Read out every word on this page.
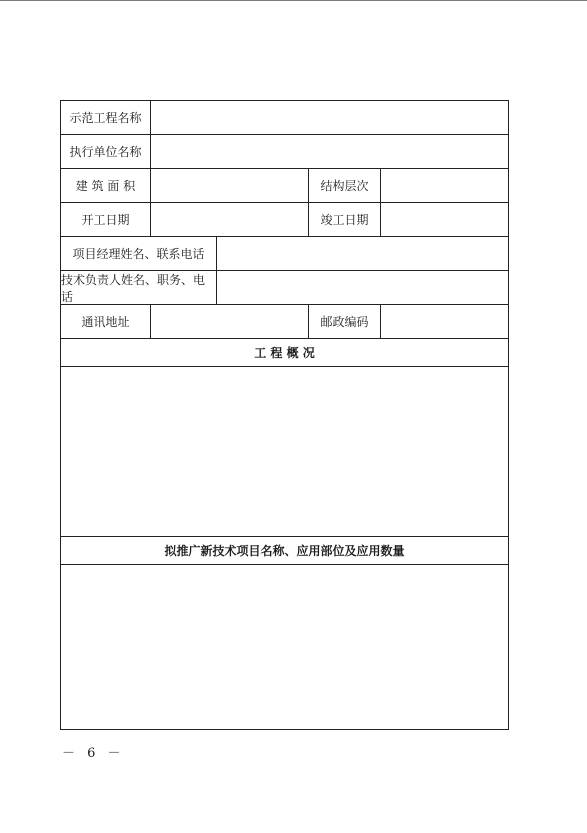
示范工程名称
执行单位名称
建 筑 面 积	结构层次
开工日期	竣工日期
项目经理姓名、联系电话
技术负责人姓名、职务、电话
通讯地址	邮政编码
工 程 概 况
拟推广新技术项目名称、应用部位及应用数量
－ 6 －
